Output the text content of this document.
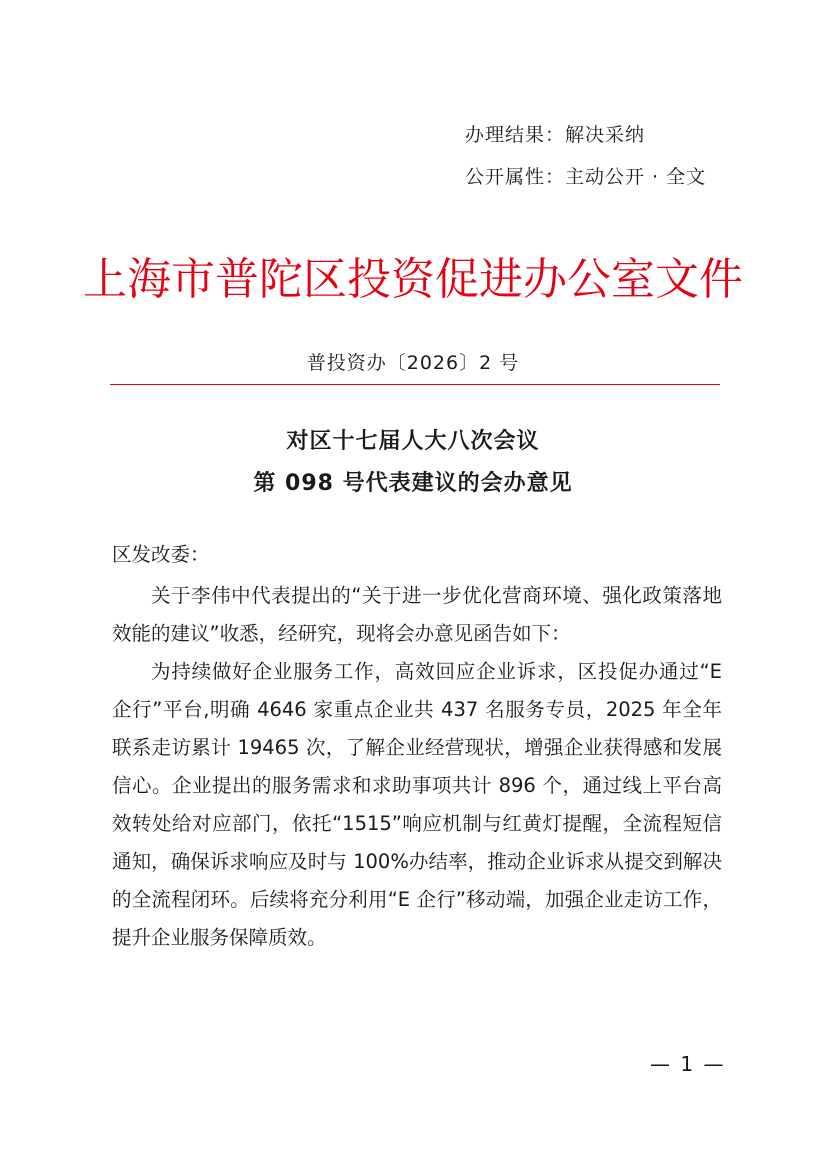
办理结果：解决采纳
公开属性：主动公开 · 全文
上海市普陀区投资促进办公室文件
普投资办〔2026〕2 号
对区十七届人大八次会议
第 098 号代表建议的会办意见
区发改委：

关于李伟中代表提出的“关于进一步优化营商环境、强化政策落地效能的建议”收悉，经研究，现将会办意见函告如下：

为持续做好企业服务工作，高效回应企业诉求，区投促办通过“E 企行”平台,明确 4646 家重点企业共 437 名服务专员，2025 年全年联系走访累计 19465 次，了解企业经营现状，增强企业获得感和发展信心。企业提出的服务需求和求助事项共计 896 个，通过线上平台高效转处给对应部门，依托“1515”响应机制与红黄灯提醒，全流程短信通知，确保诉求响应及时与 100%办结率，推动企业诉求从提交到解决的全流程闭环。后续将充分利用“E 企行”移动端，加强企业走访工作，提升企业服务保障质效。

— 1 —
